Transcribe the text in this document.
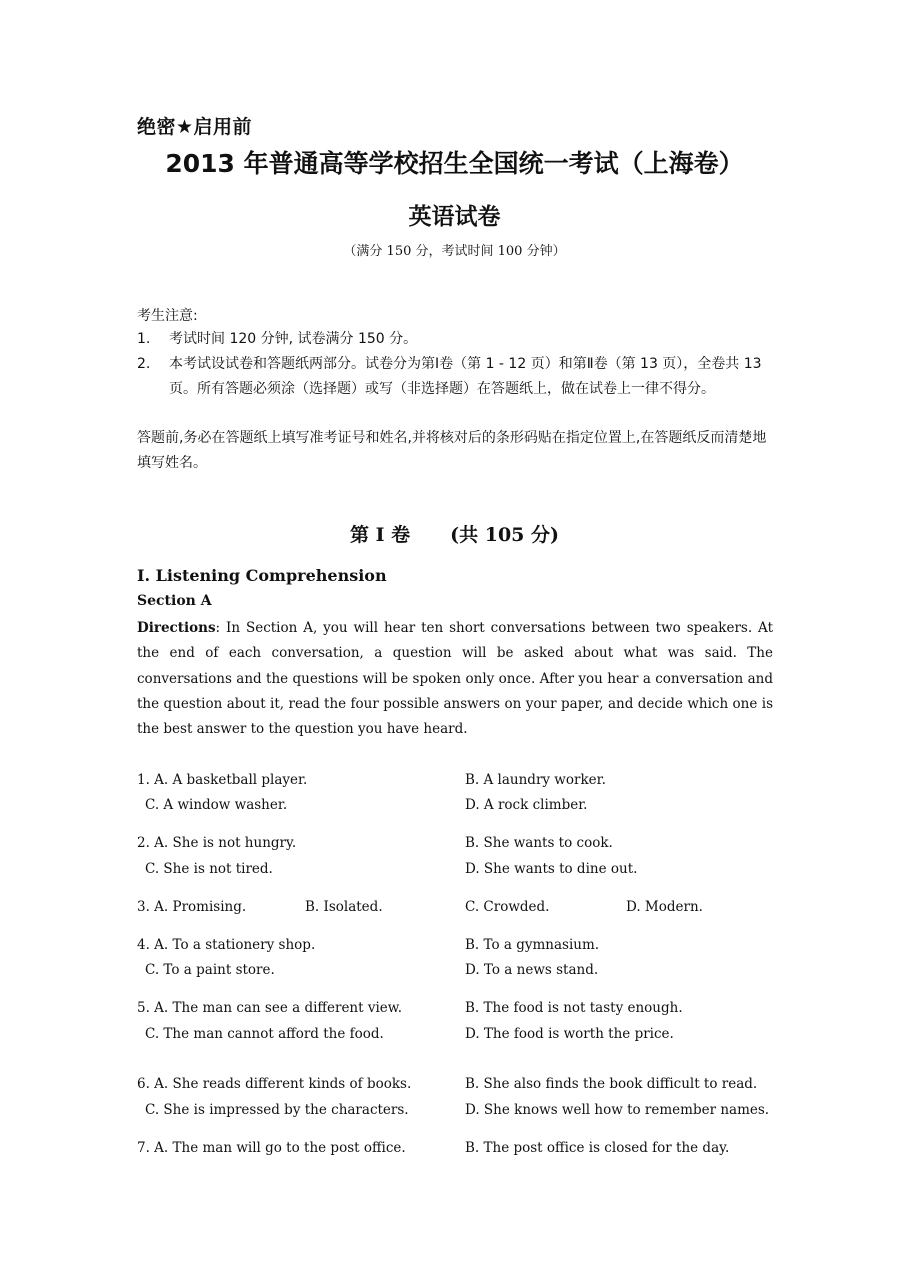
绝密★启用前
2013 年普通高等学校招生全国统一考试（上海卷）
英语试卷
（满分 150 分，考试时间 100 分钟）
考生注意:
1. 考试时间 120 分钟, 试卷满分 150 分。
2. 本考试设试卷和答题纸两部分。试卷分为第Ⅰ卷（第 1 - 12 页）和第Ⅱ卷（第 13 页），全卷共 13 页。所有答题必须涂（选择题）或写（非选择题）在答题纸上，做在试卷上一律不得分。
答题前,务必在答题纸上填写准考证号和姓名,并将核对后的条形码贴在指定位置上,在答题纸反而清楚地填写姓名。
第 I 卷 (共 105 分)
I. Listening Comprehension
Section A
Directions: In Section A, you will hear ten short conversations between two speakers. At the end of each conversation, a question will be asked about what was said. The conversations and the questions will be spoken only once. After you hear a conversation and the question about it, read the four possible answers on your paper, and decide which one is the best answer to the question you have heard.
1. A. A basketball player.	B. A laundry worker.
C. A window washer.	D. A rock climber.
2. A. She is not hungry.	B. She wants to cook.
C. She is not tired.	D. She wants to dine out.
3. A. Promising.	B. Isolated.	C. Crowded.	D. Modern.
4. A. To a stationery shop.	B. To a gymnasium.
C. To a paint store.	D. To a news stand.
5. A. The man can see a different view.	B. The food is not tasty enough.
C. The man cannot afford the food.	D. The food is worth the price.
6. A. She reads different kinds of books.	B. She also finds the book difficult to read.
C. She is impressed by the characters.	D. She knows well how to remember names.
7. A. The man will go to the post office.	B. The post office is closed for the day.
